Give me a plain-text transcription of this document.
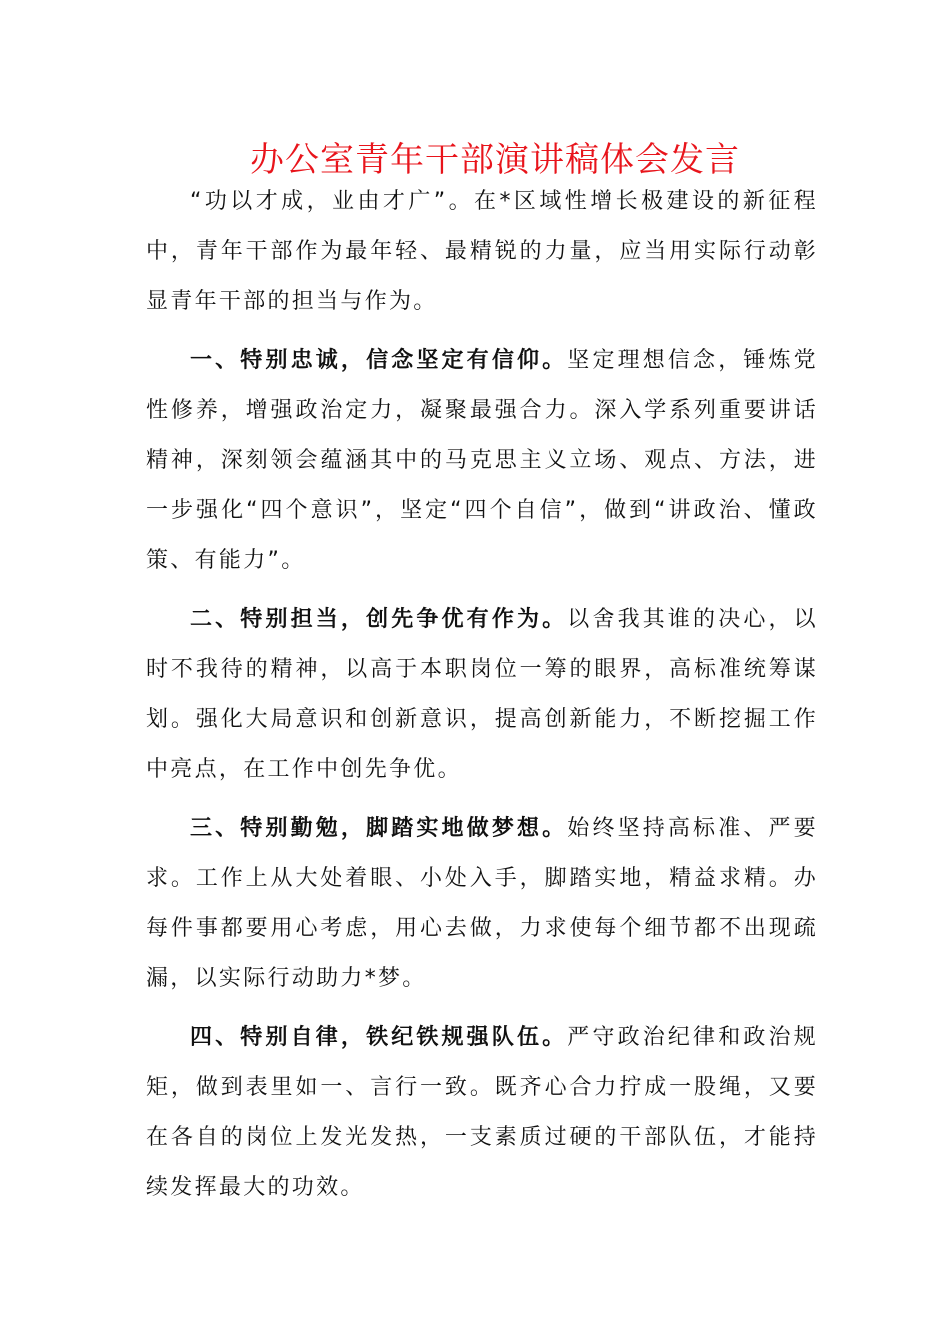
办公室青年干部演讲稿体会发言

“功以才成，业由才广”。在*区域性增长极建设的新征程中，青年干部作为最年轻、最精锐的力量，应当用实际行动彰显青年干部的担当与作为。

一、特别忠诚，信念坚定有信仰。坚定理想信念，锤炼党性修养，增强政治定力，凝聚最强合力。深入学系列重要讲话精神，深刻领会蕴涵其中的马克思主义立场、观点、方法，进一步强化“四个意识”，坚定“四个自信”，做到“讲政治、懂政策、有能力”。

二、特别担当，创先争优有作为。以舍我其谁的决心，以时不我待的精神，以高于本职岗位一筹的眼界，高标准统筹谋划。强化大局意识和创新意识，提高创新能力，不断挖掘工作中亮点，在工作中创先争优。

三、特别勤勉，脚踏实地做梦想。始终坚持高标准、严要求。工作上从大处着眼、小处入手，脚踏实地，精益求精。办每件事都要用心考虑，用心去做，力求使每个细节都不出现疏漏，以实际行动助力*梦。

四、特别自律，铁纪铁规强队伍。严守政治纪律和政治规矩，做到表里如一、言行一致。既齐心合力拧成一股绳，又要在各自的岗位上发光发热，一支素质过硬的干部队伍，才能持续发挥最大的功效。
